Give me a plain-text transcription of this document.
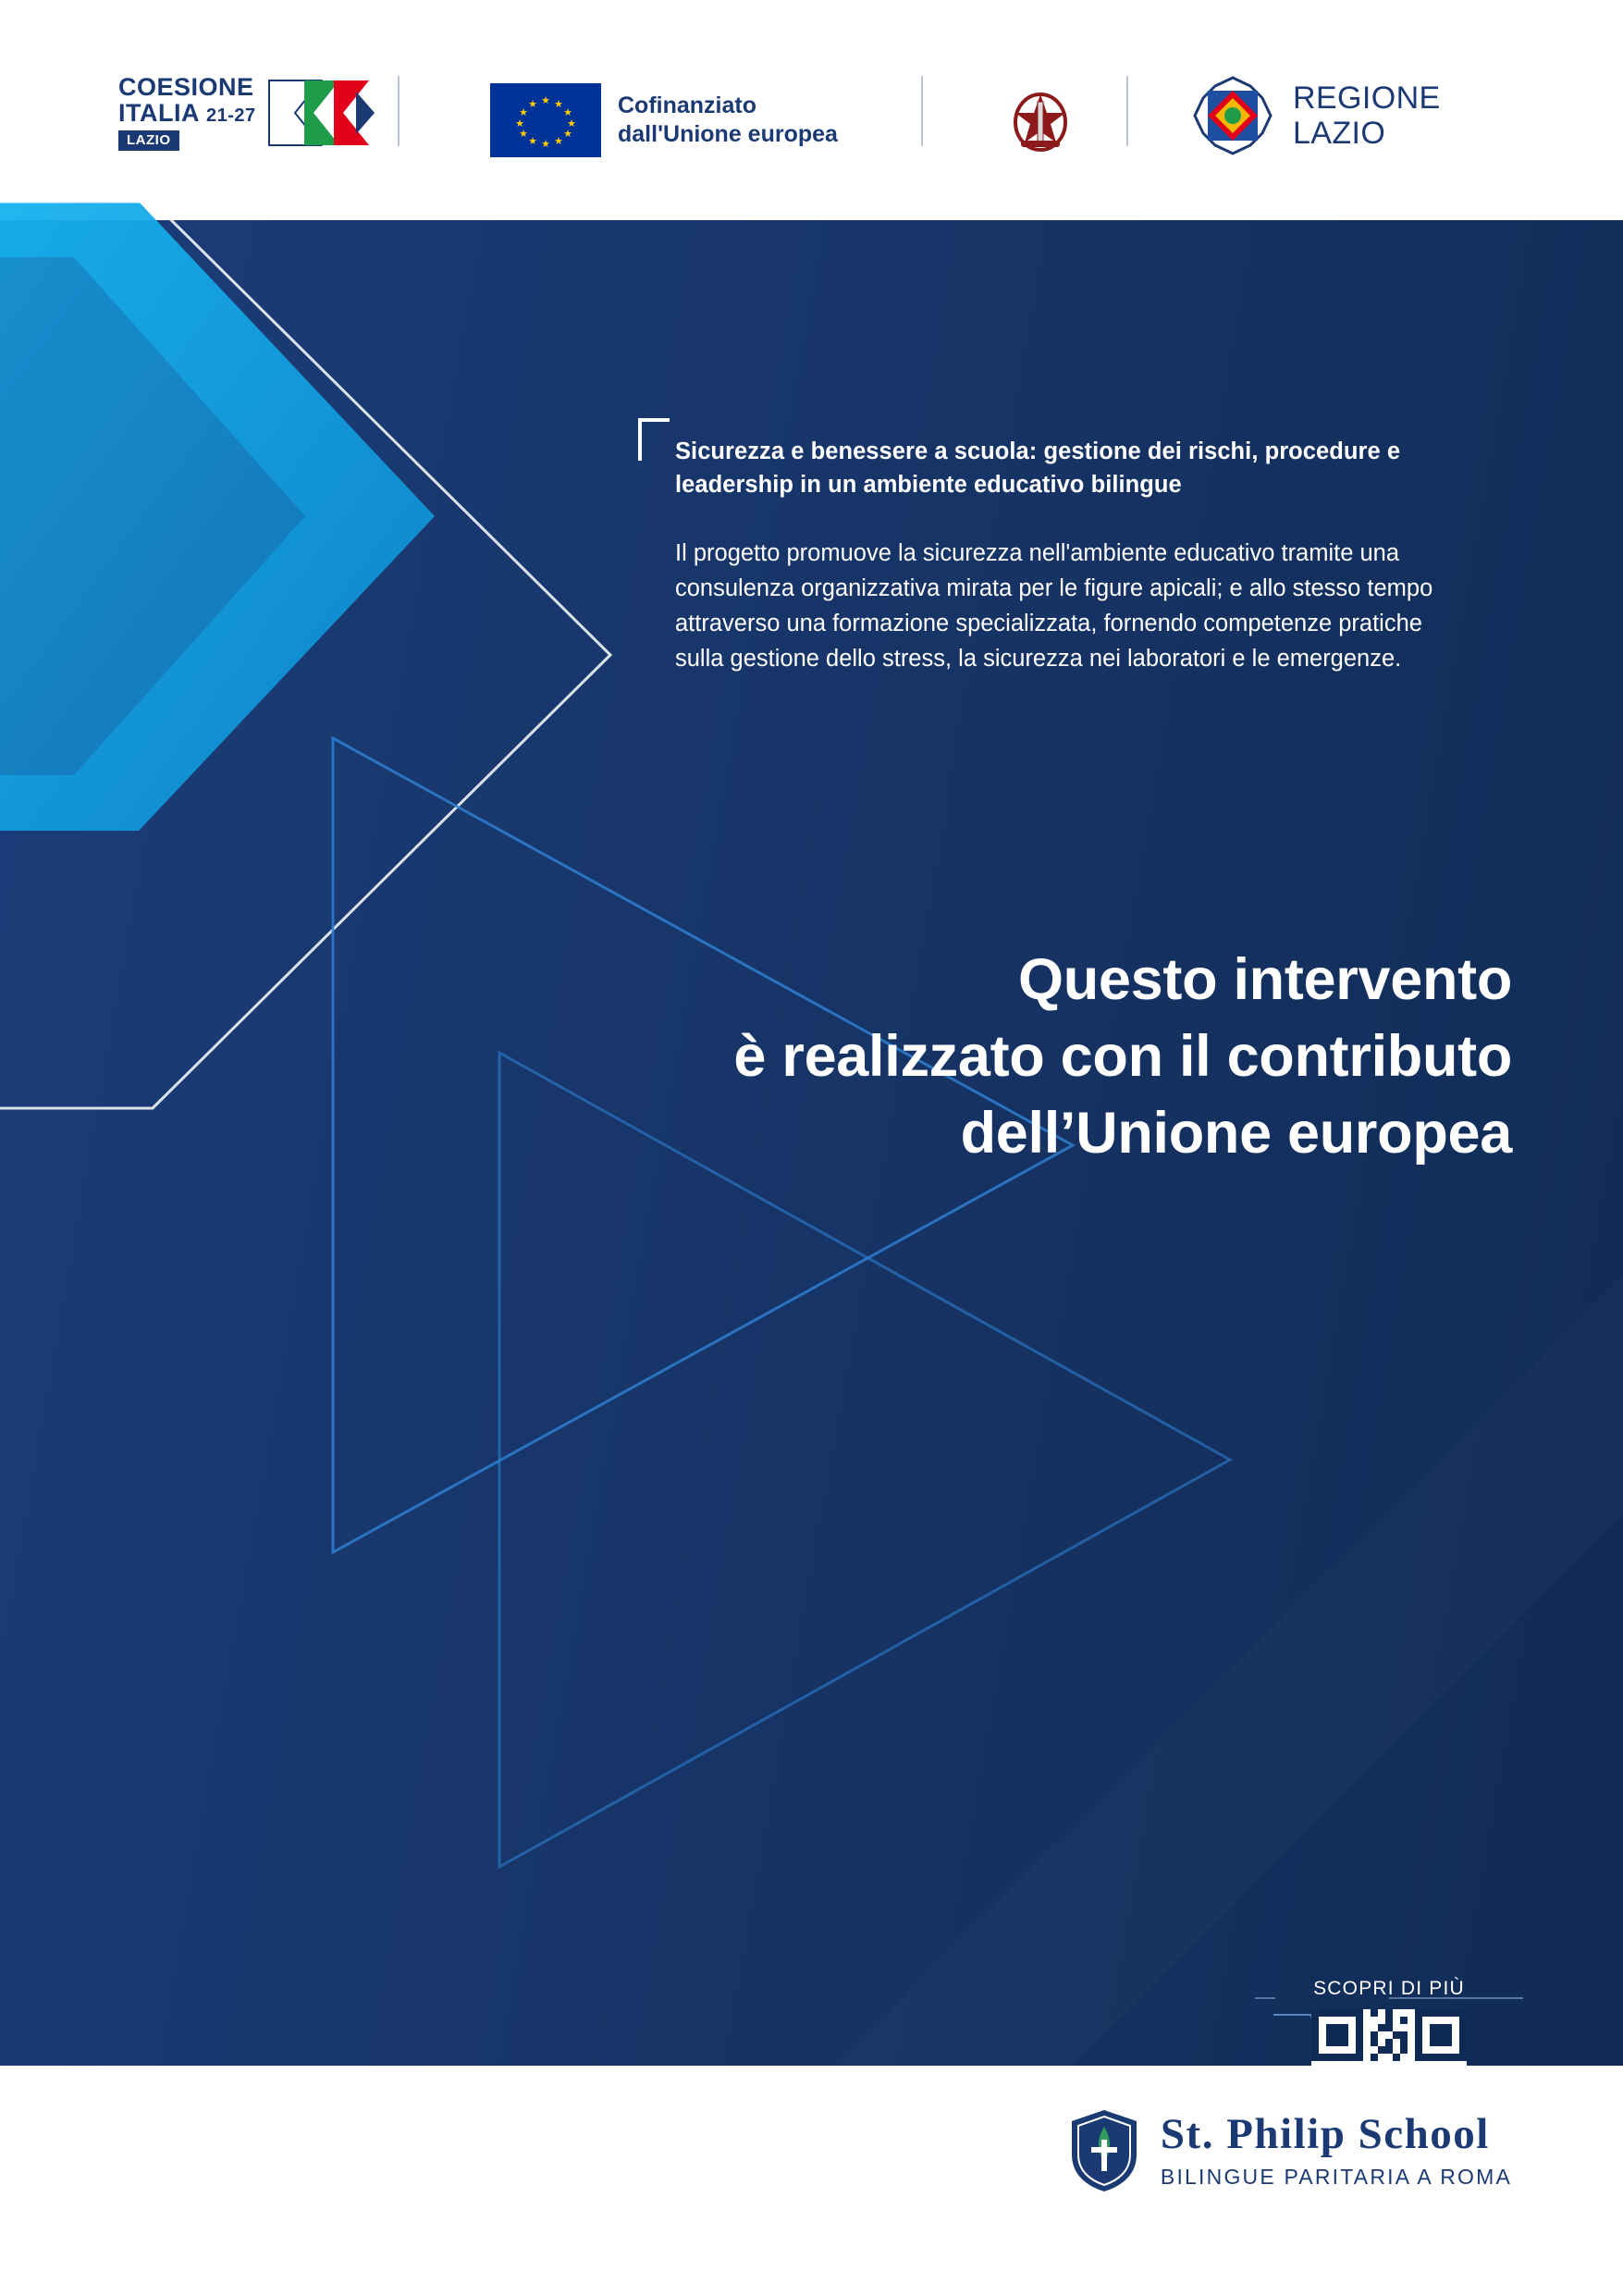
COESIONE
ITALIA 21-27
LAZIO
★ ★
★
★
★
★
★
★
★
★
★
★	Cofinanziato
dall'Unione europea
REGIONE
LAZIO

Sicurezza e benessere a scuola: gestione dei rischi, procedure e leadership in un ambiente educativo bilingue

Il progetto promuove la sicurezza nell'ambiente educativo tramite una consulenza organizzativa mirata per le figure apicali; e allo stesso tempo attraverso una formazione specializzata, fornendo competenze pratiche sulla gestione dello stress, la sicurezza nei laboratori e le emergenze.

Questo intervento
è realizzato con il contributo
dell’Unione europea
SCOPRI DI PIÙ
St. Philip School
BILINGUE PARITARIA A ROMA
